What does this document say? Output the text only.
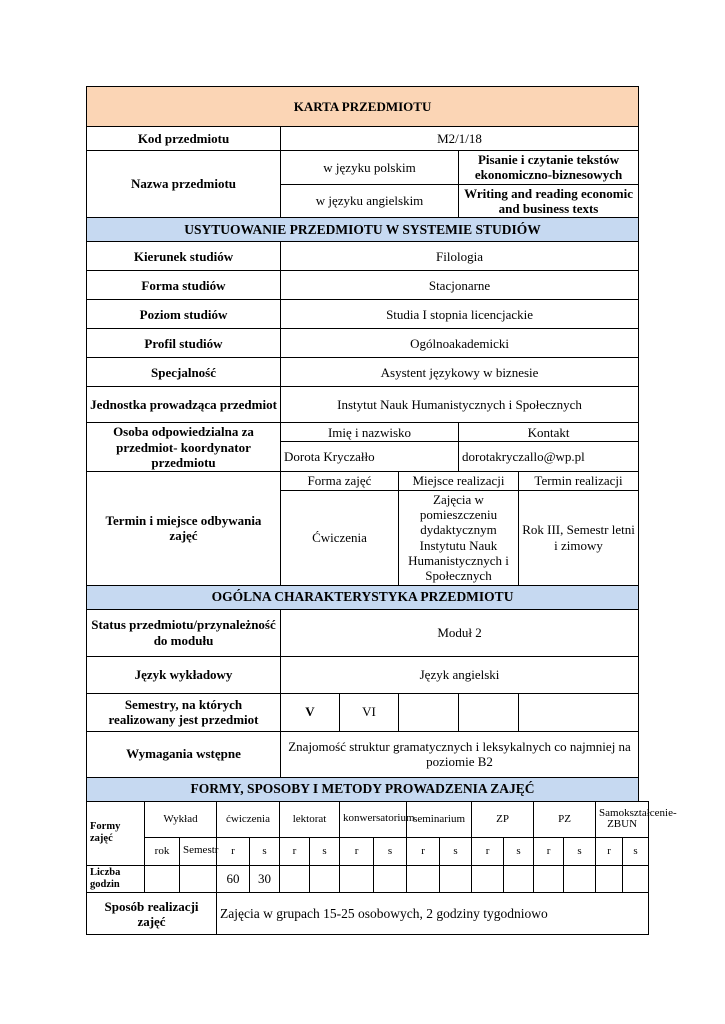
KARTA PRZEDMIOTU					
Kod przedmiotu	M2/1/18				
Nazwa przedmiotu	w języku polskim			Pisanie i czytanie tekstów ekonomiczno-biznesowych	
	w języku angielskim			Writing and reading economic and business texts	
USYTUOWANIE PRZEDMIOTU W SYSTEMIE STUDIÓW					
Kierunek studiów	Filologia				
Forma studiów	Stacjonarne				
Poziom studiów	Studia I stopnia licencjackie				
Profil studiów	Ogólnoakademicki				
Specjalność	Asystent językowy w biznesie				
Jednostka prowadząca przedmiot	Instytut Nauk Humanistycznych i Społecznych				
Osoba odpowiedzialna za przedmiot- koordynator przedmiotu	Imię i nazwisko			Kontakt	
	Dorota Kryczałło			dorotakryczallo@wp.pl	
Termin i miejsce odbywania zajęć	Forma zajęć		Miejsce realizacji		Termin realizacji
	Ćwiczenia		Zajęcia w pomieszczeniu dydaktycznym Instytutu Nauk Humanistycznych i Społecznych		Rok III, Semestr letni i zimowy
OGÓLNA CHARAKTERYSTYKA PRZEDMIOTU					
Status przedmiotu/przynależność do modułu	Moduł 2				
Język wykładowy	Język angielski				
Semestry, na których realizowany jest przedmiot	V	VI			
Wymagania wstępne	Znajomość struktur gramatycznych i leksykalnych co najmniej na poziomie B2				
FORMY, SPOSOBY I METODY PROWADZENIA ZAJĘĆ					
Formy zajęć	Wykład		ćwiczenia		lektorat		konwersatorium		seminarium		ZP		PZ		Samokształcenie-ZBUN	
	rok	Semestr	r	s	r	s	r	s	r	s	r	s	r	s	r	s
Liczba godzin			60	30												
Sposób realizacji zajęć			Zajęcia w grupach 15-25 osobowych, 2 godziny tygodniowo													
